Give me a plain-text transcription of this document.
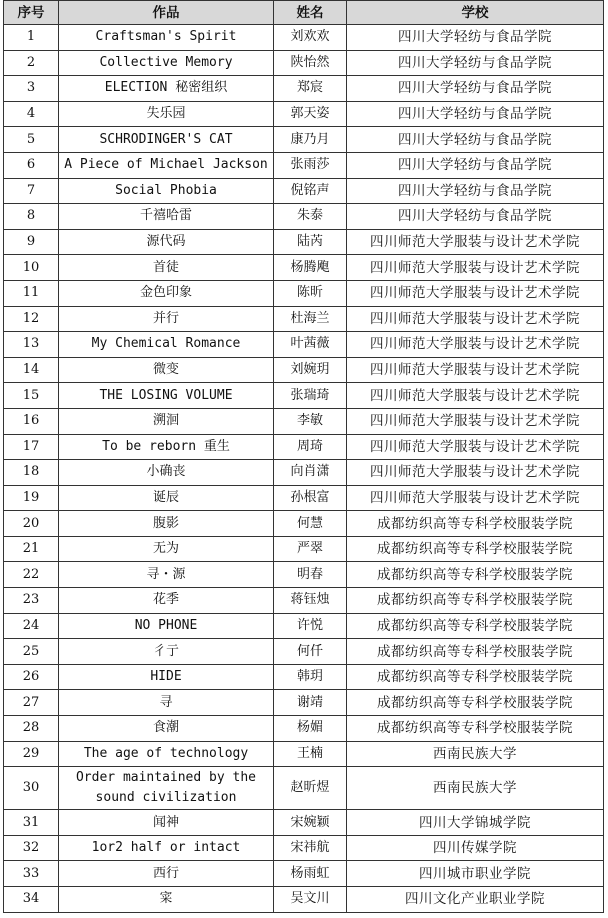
序号	作品	姓名	学校
1	Craftsman's Spirit	刘欢欢	四川大学轻纺与食品学院
2	Collective Memory	陕怡然	四川大学轻纺与食品学院
3	ELECTION 秘密组织	郑宸	四川大学轻纺与食品学院
4	失乐园	郭天姿	四川大学轻纺与食品学院
5	SCHRODINGER'S CAT	康乃月	四川大学轻纺与食品学院
6	A Piece of Michael Jackson	张雨莎	四川大学轻纺与食品学院
7	Social Phobia	倪铭声	四川大学轻纺与食品学院
8	千禧哈雷	朱泰	四川大学轻纺与食品学院
9	源代码	陆芮	四川师范大学服装与设计艺术学院
10	首徒	杨腾飑	四川师范大学服装与设计艺术学院
11	金色印象	陈昕	四川师范大学服装与设计艺术学院
12	并行	杜海兰	四川师范大学服装与设计艺术学院
13	My Chemical Romance	叶茜薇	四川师范大学服装与设计艺术学院
14	微变	刘婉玥	四川师范大学服装与设计艺术学院
15	THE LOSING VOLUME	张瑞琦	四川师范大学服装与设计艺术学院
16	溯洄	李敏	四川师范大学服装与设计艺术学院
17	To be reborn 重生	周琦	四川师范大学服装与设计艺术学院
18	小确丧	向肖潇	四川师范大学服装与设计艺术学院
19	诞辰	孙根富	四川师范大学服装与设计艺术学院
20	腹影	何慧	成都纺织高等专科学校服装学院
21	无为	严翠	成都纺织高等专科学校服装学院
22	寻・源	明春	成都纺织高等专科学校服装学院
23	花季	蒋钰烛	成都纺织高等专科学校服装学院
24	NO PHONE	许悦	成都纺织高等专科学校服装学院
25	彳亍	何仟	成都纺织高等专科学校服装学院
26	HIDE	韩玥	成都纺织高等专科学校服装学院
27	寻	谢靖	成都纺织高等专科学校服装学院
28	食潮	杨媚	成都纺织高等专科学校服装学院
29	The age of technology	王楠	西南民族大学
30	Order maintained by the sound civilization	赵昕煜	西南民族大学
31	闻神	宋婉颖	四川大学锦城学院
32	1or2 half or intact	宋祎航	四川传媒学院
33	西行	杨雨虹	四川城市职业学院
34	寀	吴文川	四川文化产业职业学院
